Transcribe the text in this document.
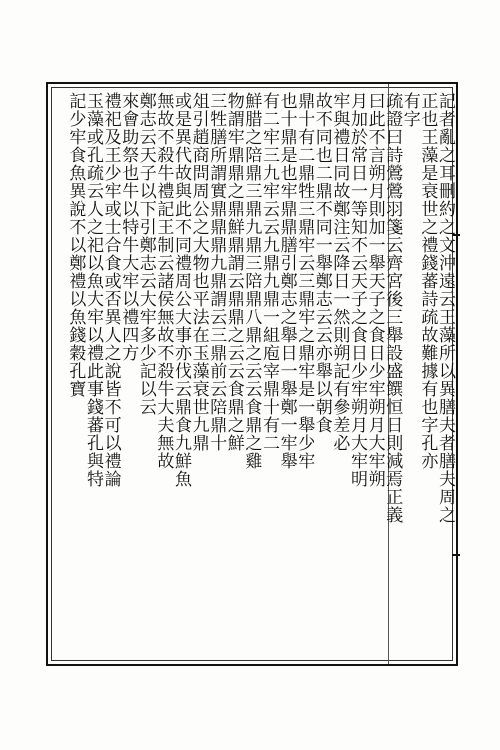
記者亂之耳刪約之文沖遠云王藻所以異膳夫者膳夫周之
正也王藻是衰世之禮錢蕃詩疏故難據有也字孔亦
有字
疏證曰詩鶯鶯羽箋云齊宮後三舉設盛饌恒日則減焉正義
曰此不言朔月則加一舉天子之食日少牢朔月大牢朔
月加於常日一等知不云天子之食日少牢朔月大牢明
牢與禮日同故鄭注云降日一然則朔記有參差必
故不同也二鼎不同一舉鄭志云云亦舉以朝食
鼎十有二鼎牲三鼎牢云三鼎牢之鼎牢是一舉少牢
也十鼎是也牢鼎鼎膳引鄭志之舉日一舉鄭一牢舉
有二牢三九牢云云九鼎九鼎一組庖宰鼎十有二
鮮腊之陪鼎三鼎九鼎三陪鼎八鼎之云云食鼎之雞
物謂牢鼎鼎之鼎鮮鼎謂云鼎鼎之云云食鼎之鮮
三牲膳所謂實鼎鼎鼎九鼎謂云三鼎前云陪鼎十
俎引趙商問周公之大物也平法在玉藻衰世九鼎
或是異代故與此不同禮周公大事亦伐云鼎食九鮮魚
無故不殺牛禮記王制云諸侯無故不殺牛大夫無故
鄭志云天子以下引鄭志云大牢多少記以云
來會助祭也牛以特牛大牢以禮四方
禮祀及王少牢或士合食或否異人之說皆不可以禮論
玉藻或孔疏云人之祀以魚大牢以禮此事錢蕃孔與特
記少牢食魚異說不以鄭禮以魚錢穀孔寶
